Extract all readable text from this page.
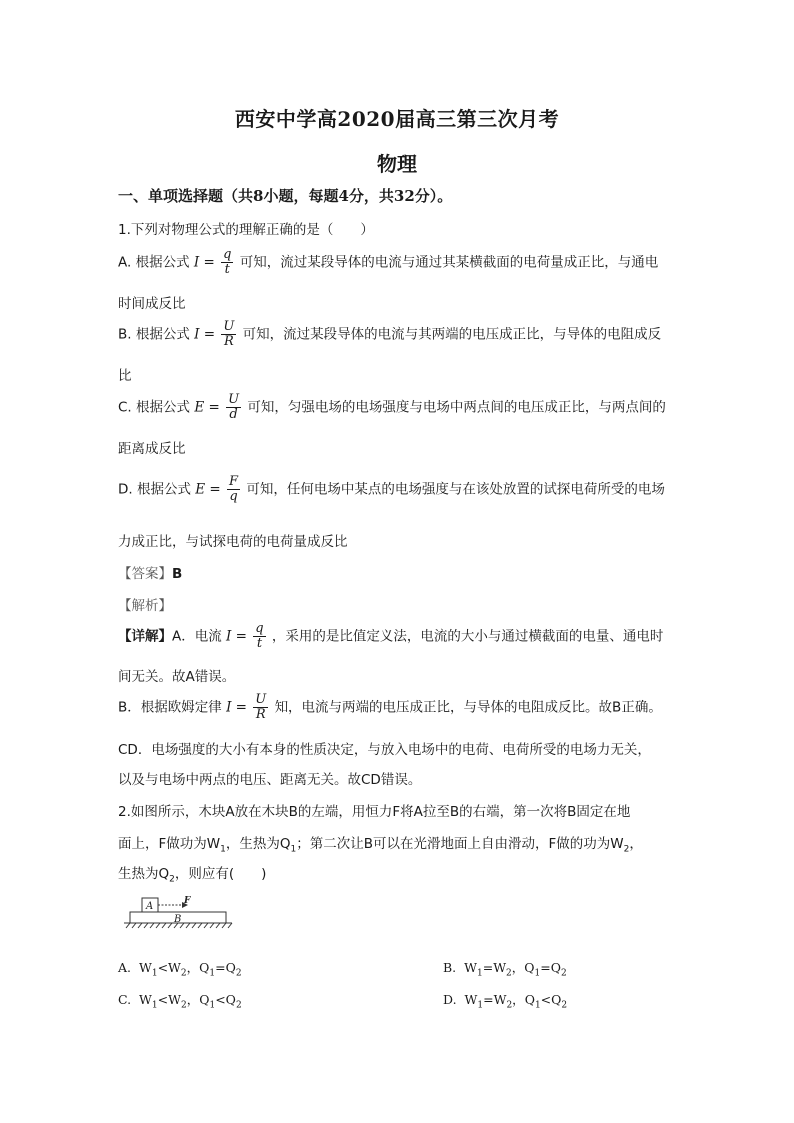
西安中学高2020届高三第三次月考
物理
一、单项选择题（共8小题，每题4分，共32分）。
1.下列对物理公式的理解正确的是（　　）
A. 根据公式 $I = \frac{q}{t}$ 可知，流过某段导体的电流与通过其某横截面的电荷量成正比，与通电
时间成反比
B. 根据公式 $I = \frac{U}{R}$ 可知，流过某段导体的电流与其两端的电压成正比，与导体的电阻成反
比
C. 根据公式 $E = \frac{U}{d}$ 可知，匀强电场的电场强度与电场中两点间的电压成正比，与两点间的
距离成反比
D. 根据公式 $E = \frac{F}{q}$ 可知，任何电场中某点的电场强度与在该处放置的试探电荷所受的电场
力成正比，与试探电荷的电荷量成反比
【答案】B
【解析】
【详解】A．电流 $I = \frac{q}{t}$ ，采用的是比值定义法，电流的大小与通过横截面的电量、通电时
间无关。故A错误。
B．根据欧姆定律 $I = \frac{U}{R}$ 知，电流与两端的电压成正比，与导体的电阻成反比。故B正确。
CD．电场强度的大小有本身的性质决定，与放入电场中的电荷、电荷所受的电场力无关，
以及与电场中两点的电压、距离无关。故CD错误。
2.如图所示，木块A放在木块B的左端，用恒力F将A拉至B的右端，第一次将B固定在地
面上，F做功为$W_1$，生热为$Q_1$；第二次让B可以在光滑地面上自由滑动，F做的功为$W_2$，
生热为$Q_2$，则应有(　　)
A	F
B
A. $W_1<W_2$，$Q_1=Q_2$	B. $W_1=W_2$，$Q_1=Q_2$
C. $W_1<W_2$，$Q_1<Q_2$	D. $W_1=W_2$，$Q_1<Q_2$
